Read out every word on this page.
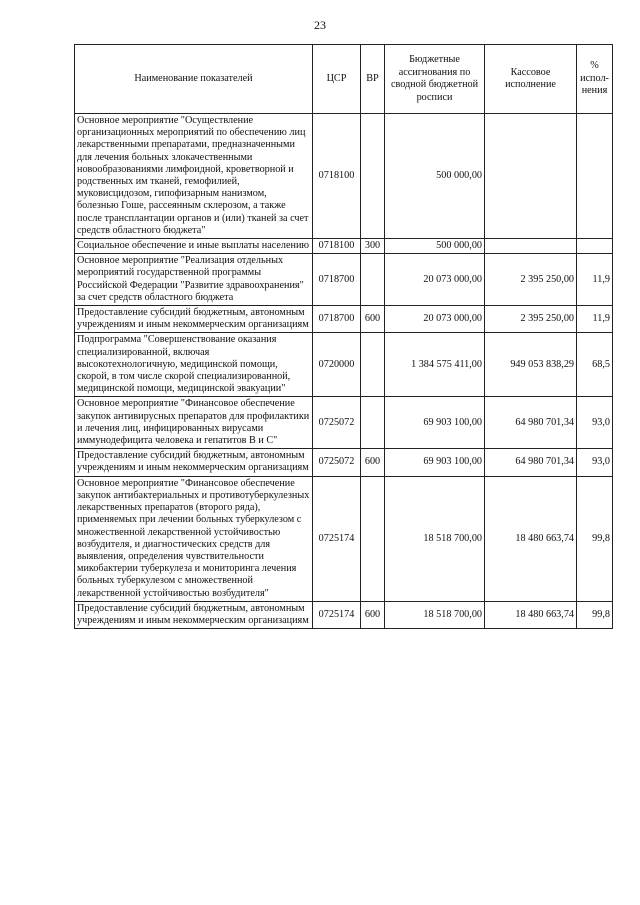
23
Наименование показателей	ЦСР	ВР	Бюджетные ассигнования по сводной бюджетной росписи	Кассовое исполнение	% испол-нения
Основное мероприятие "Осуществление организационных мероприятий по обеспечению лиц лекарственными препаратами, предназначенными для лечения больных злокачественными новообразованиями лимфоидной, кроветворной и родственных им тканей, гемофилией, муковисцидозом, гипофизарным нанизмом, болезнью Гоше, рассеянным склерозом, а также после трансплантации органов и (или) тканей за счет средств областного бюджета"	0718100		500 000,00		
Социальное обеспечение и иные выплаты населению	0718100	300	500 000,00		
Основное мероприятие "Реализация отдельных мероприятий государственной программы Российской Федерации "Развитие здравоохранения" за счет средств областного бюджета	0718700		20 073 000,00	2 395 250,00	11,9
Предоставление субсидий бюджетным, автономным учреждениям и иным некоммерческим организациям	0718700	600	20 073 000,00	2 395 250,00	11,9
Подпрограмма "Совершенствование оказания специализированной, включая высокотехнологичную, медицинской помощи, скорой, в том числе скорой специализированной, медицинской помощи, медицинской эвакуации"	0720000		1 384 575 411,00	949 053 838,29	68,5
Основное мероприятие "Финансовое обеспечение закупок антивирусных препаратов для профилактики и лечения лиц, инфицированных вирусами иммунодефицита человека и гепатитов В и С"	0725072		69 903 100,00	64 980 701,34	93,0
Предоставление субсидий бюджетным, автономным учреждениям и иным некоммерческим организациям	0725072	600	69 903 100,00	64 980 701,34	93,0
Основное мероприятие "Финансовое обеспечение закупок антибактериальных и противотуберкулезных лекарственных препаратов (второго ряда), применяемых при лечении больных туберкулезом с множественной лекарственной устойчивостью возбудителя, и диагностических средств для выявления, определения чувствительности микобактерии туберкулеза и мониторинга лечения больных туберкулезом с множественной лекарственной устойчивостью возбудителя"	0725174		18 518 700,00	18 480 663,74	99,8
Предоставление субсидий бюджетным, автономным учреждениям и иным некоммерческим организациям	0725174	600	18 518 700,00	18 480 663,74	99,8
